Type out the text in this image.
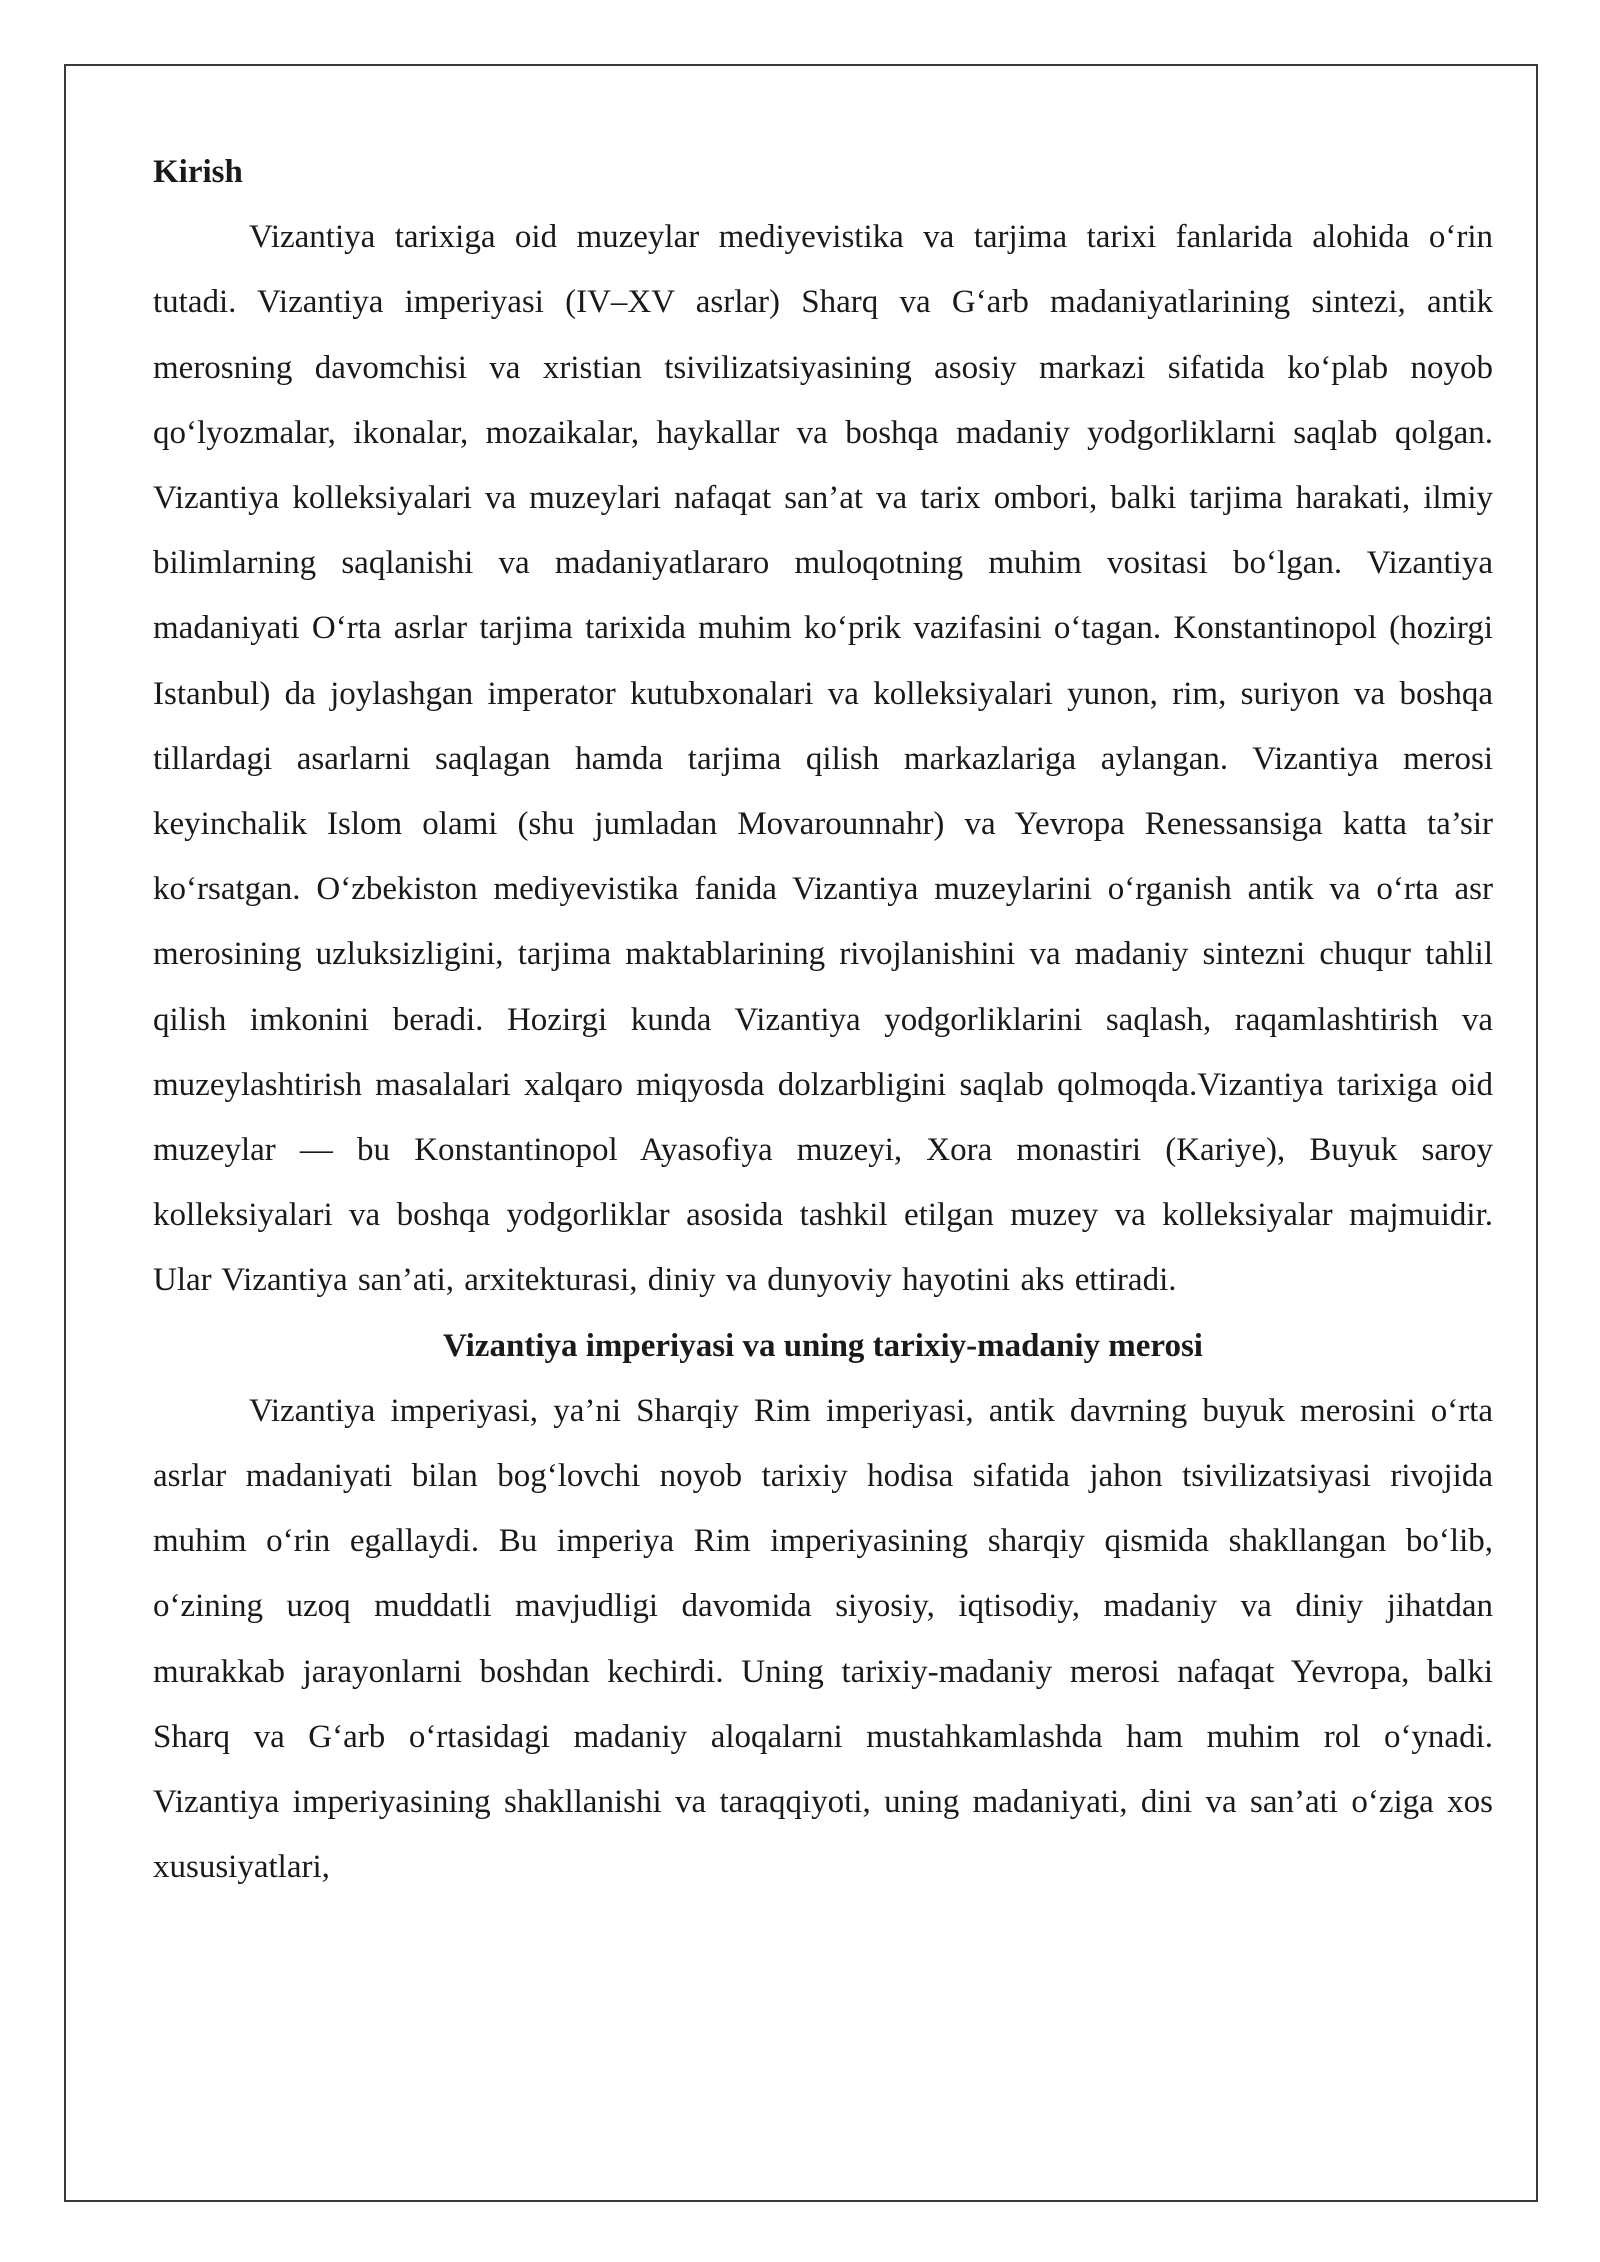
Kirish

Vizantiya tarixiga oid muzeylar mediyevistika va tarjima tarixi fanlarida alohida o‘rin tutadi. Vizantiya imperiyasi (IV–XV asrlar) Sharq va G‘arb madaniyatlarining sintezi, antik merosning davomchisi va xristian tsivilizatsiyasining asosiy markazi sifatida ko‘plab noyob qo‘lyozmalar, ikonalar, mozaikalar, haykallar va boshqa madaniy yodgorliklarni saqlab qolgan. Vizantiya kolleksiyalari va muzeylari nafaqat san’at va tarix ombori, balki tarjima harakati, ilmiy bilimlarning saqlanishi va madaniyatlararo muloqotning muhim vositasi bo‘lgan. Vizantiya madaniyati O‘rta asrlar tarjima tarixida muhim ko‘prik vazifasini o‘tagan. Konstantinopol (hozirgi Istanbul) da joylashgan imperator kutubxonalari va kolleksiyalari yunon, rim, suriyon va boshqa tillardagi asarlarni saqlagan hamda tarjima qilish markazlariga aylangan. Vizantiya merosi keyinchalik Islom olami (shu jumladan Movarounnahr) va Yevropa Renessansiga katta ta’sir ko‘rsatgan. O‘zbekiston mediyevistika fanida Vizantiya muzeylarini o‘rganish antik va o‘rta asr merosining uzluksizligini, tarjima maktablarining rivojlanishini va madaniy sintezni chuqur tahlil qilish imkonini beradi. Hozirgi kunda Vizantiya yodgorliklarini saqlash, raqamlashtirish va muzeylashtirish masalalari xalqaro miqyosda dolzarbligini saqlab qolmoqda.Vizantiya tarixiga oid muzeylar — bu Konstantinopol Ayasofiya muzeyi, Xora monastiri (Kariye), Buyuk saroy kolleksiyalari va boshqa yodgorliklar asosida tashkil etilgan muzey va kolleksiyalar majmuidir. Ular Vizantiya san’ati, arxitekturasi, diniy va dunyoviy hayotini aks ettiradi.

Vizantiya imperiyasi va uning tarixiy-madaniy merosi

Vizantiya imperiyasi, ya’ni Sharqiy Rim imperiyasi, antik davrning buyuk merosini o‘rta asrlar madaniyati bilan bog‘lovchi noyob tarixiy hodisa sifatida jahon tsivilizatsiyasi rivojida muhim o‘rin egallaydi. Bu imperiya Rim imperiyasining sharqiy qismida shakllangan bo‘lib, o‘zining uzoq muddatli mavjudligi davomida siyosiy, iqtisodiy, madaniy va diniy jihatdan murakkab jarayonlarni boshdan kechirdi. Uning tarixiy-madaniy merosi nafaqat Yevropa, balki Sharq va G‘arb o‘rtasidagi madaniy aloqalarni mustahkamlashda ham muhim rol o‘ynadi. Vizantiya imperiyasining shakllanishi va taraqqiyoti, uning madaniyati, dini va san’ati o‘ziga xos xususiyatlari,
